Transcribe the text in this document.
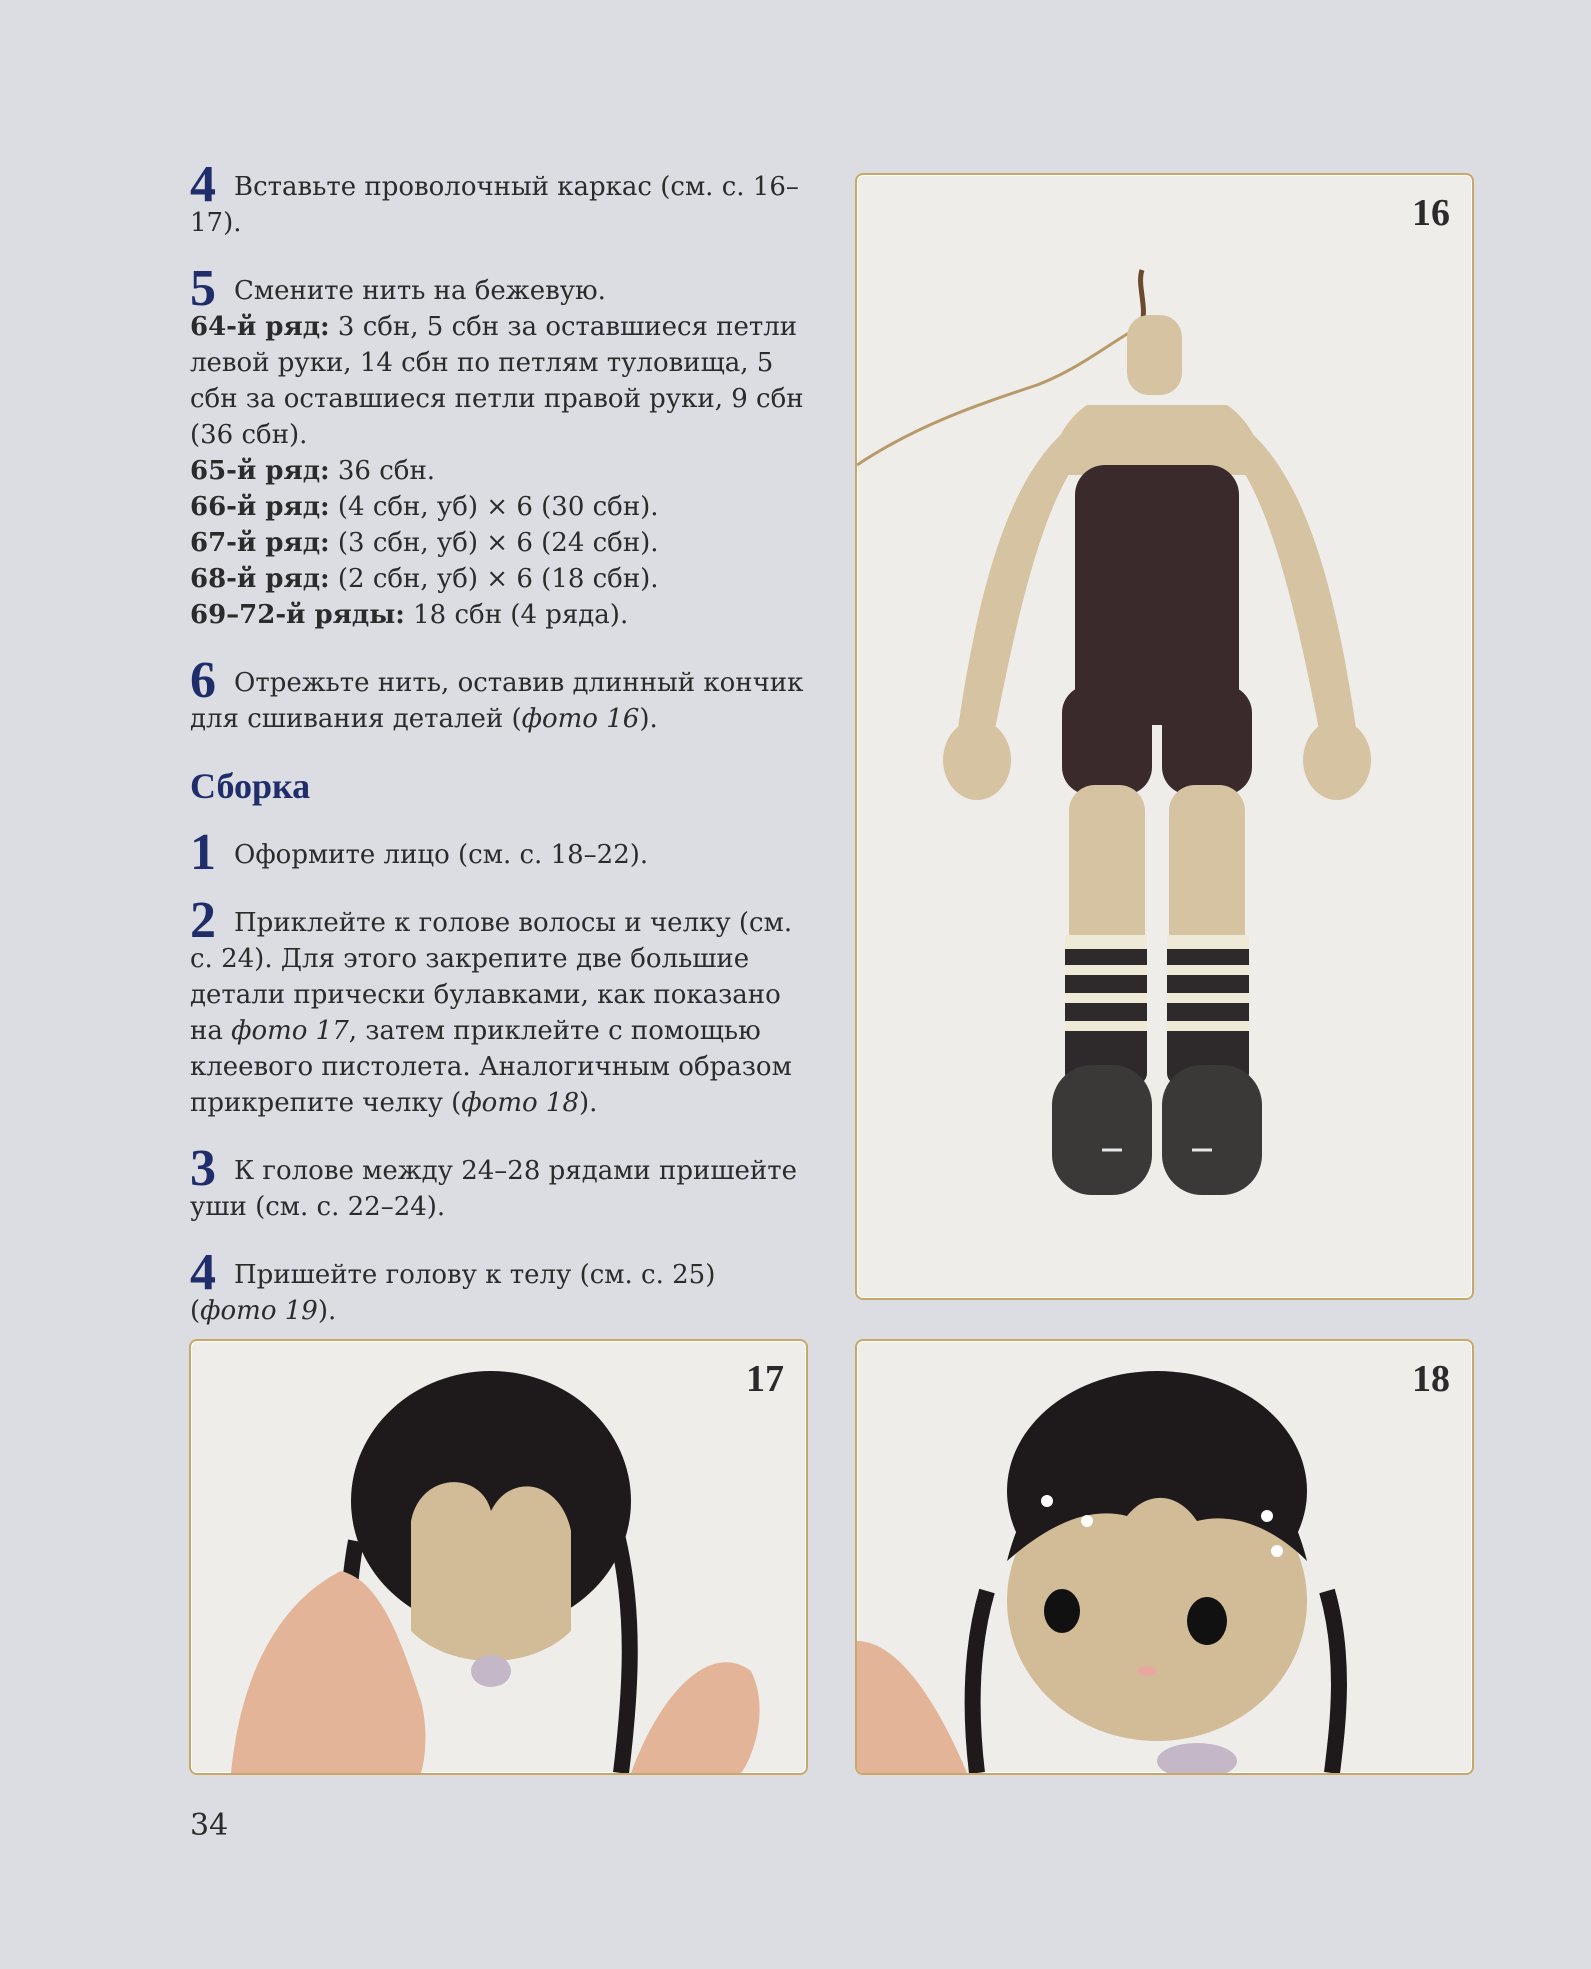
4 Вставьте проволочный каркас (см. с. 16–17).

5 Смените нить на бежевую.
64-й ряд: 3 сбн, 5 сбн за оставшиеся петли левой руки, 14 сбн по петлям туловища, 5 сбн за оставшиеся петли правой руки, 9 сбн (36 сбн).
65-й ряд: 36 сбн.
66-й ряд: (4 сбн, уб) × 6 (30 сбн).
67-й ряд: (3 сбн, уб) × 6 (24 сбн).
68-й ряд: (2 сбн, уб) × 6 (18 сбн).
69–72-й ряды: 18 сбн (4 ряда).

6 Отрежьте нить, оставив длинный кончик для сшивания деталей (фото 16).

Сборка

1 Оформите лицо (см. с. 18–22).

2 Приклейте к голове волосы и челку (см. с. 24). Для этого закрепите две большие детали прически булавками, как показано на фото 17, затем приклейте с помощью клеевого пистолета. Аналогичным образом прикрепите челку (фото 18).

3 К голове между 24–28 рядами пришейте уши (см. с. 22–24).

4 Пришейте голову к телу (см. с. 25) (фото 19).

16
17	18
34
